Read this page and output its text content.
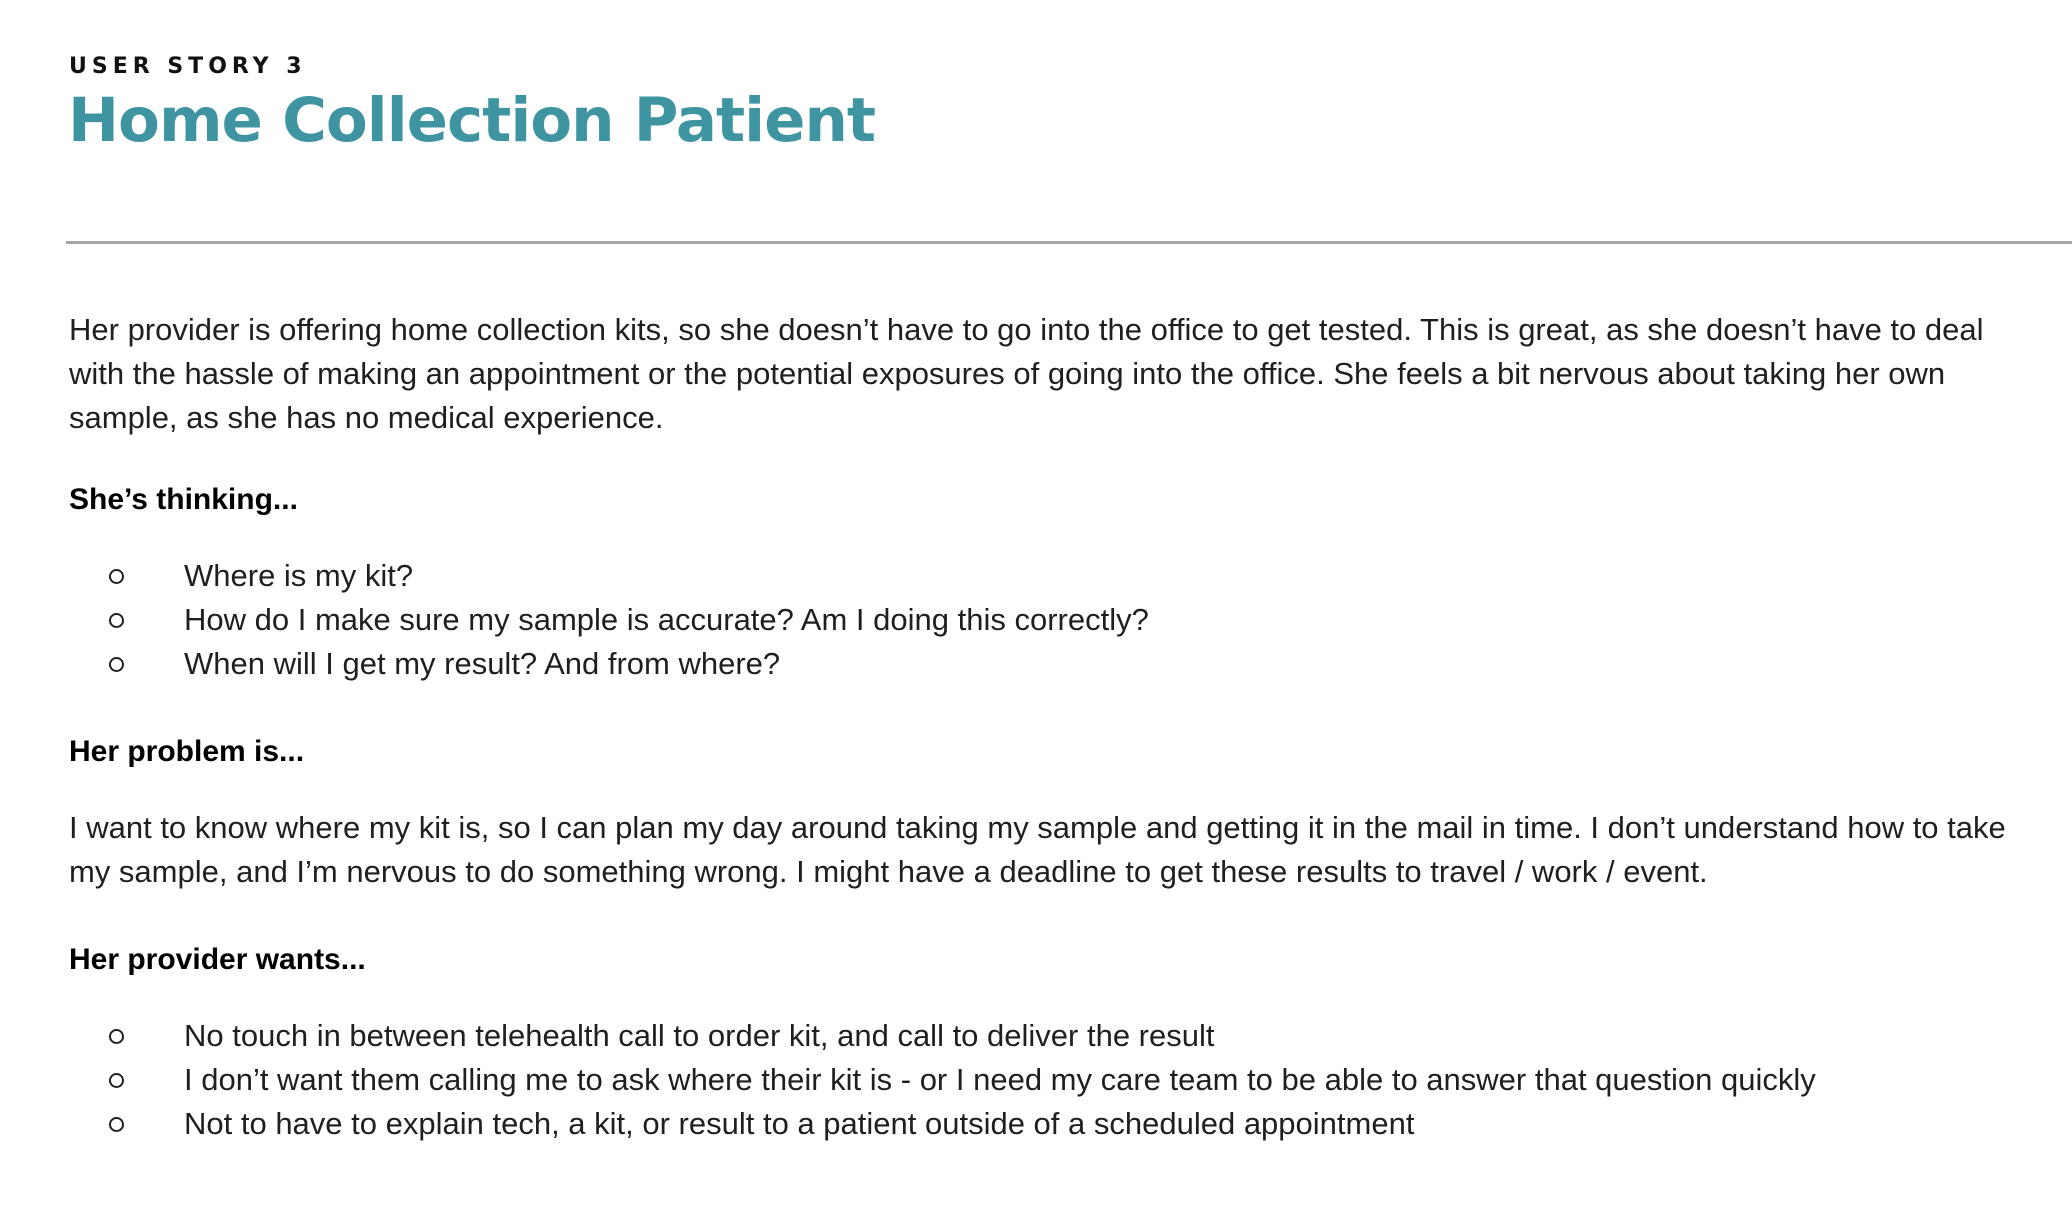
USER STORY 3

Home Collection Patient

Her provider is offering home collection kits, so she doesn’t have to go into the office to get tested. This is great, as she doesn’t have to deal with the hassle of making an appointment or the potential exposures of going into the office. She feels a bit nervous about taking her own sample, as she has no medical experience.

She’s thinking...

Where is my kit?
How do I make sure my sample is accurate? Am I doing this correctly?
When will I get my result? And from where?

Her problem is...

I want to know where my kit is, so I can plan my day around taking my sample and getting it in the mail in time. I don’t understand how to take my sample, and I’m nervous to do something wrong. I might have a deadline to get these results to travel / work / event.

Her provider wants...

No touch in between telehealth call to order kit, and call to deliver the result
I don’t want them calling me to ask where their kit is - or I need my care team to be able to answer that question quickly
Not to have to explain tech, a kit, or result to a patient outside of a scheduled appointment
